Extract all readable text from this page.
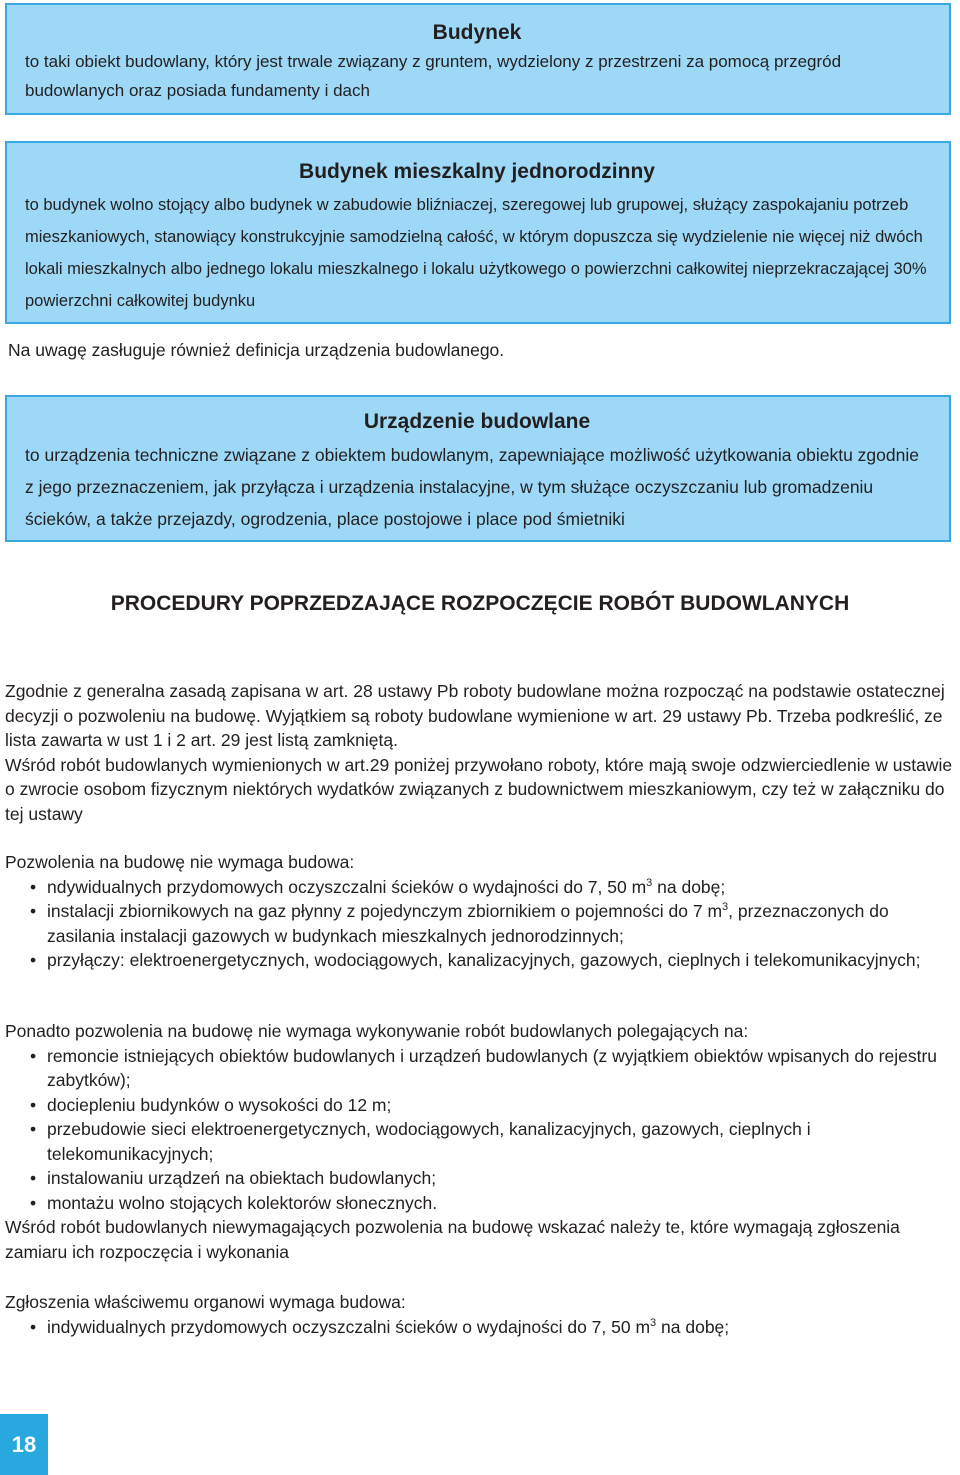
Budynek
to taki obiekt budowlany, który jest trwale związany z gruntem, wydzielony z przestrzeni za pomocą przegród budowlanych oraz posiada fundamenty i dach
Budynek mieszkalny jednorodzinny
to budynek wolno stojący albo budynek w zabudowie bliźniaczej, szeregowej lub grupowej, służący zaspokajaniu potrzeb mieszkaniowych, stanowiący konstrukcyjnie samodzielną całość, w którym dopuszcza się wydzielenie nie więcej niż dwóch lokali mieszkalnych albo jednego lokalu mieszkalnego i lokalu użytkowego o powierzchni całkowitej nieprzekraczającej 30% powierzchni całkowitej budynku
Na uwagę zasługuje również definicja urządzenia budowlanego.
Urządzenie budowlane
to urządzenia techniczne związane z obiektem budowlanym, zapewniające możliwość użytkowania obiektu zgodnie z jego przeznaczeniem, jak przyłącza i urządzenia instalacyjne, w tym służące oczyszczaniu lub gromadzeniu ścieków, a także przejazdy, ogrodzenia, place postojowe i place pod śmietniki
PROCEDURY POPRZEDZAJĄCE ROZPOCZĘCIE ROBÓT BUDOWLANYCH

Zgodnie z generalna zasadą zapisana w art. 28 ustawy Pb roboty budowlane można rozpocząć na podstawie ostatecznej decyzji o pozwoleniu na budowę. Wyjątkiem są roboty budowlane wymienione w art. 29 ustawy Pb. Trzeba podkreślić, ze lista zawarta w ust 1 i 2 art. 29 jest listą zamkniętą.

Wśród robót budowlanych wymienionych w art.29 poniżej przywołano roboty, które mają swoje odzwierciedlenie w ustawie o zwrocie osobom fizycznym niektórych wydatków związanych z budownictwem mieszkaniowym, czy też w załączniku do tej ustawy

Pozwolenia na budowę nie wymaga budowa:

• ndywidualnych przydomowych oczyszczalni ścieków o wydajności do 7, 50 $m^3$ na dobę;
• instalacji zbiornikowych na gaz płynny z pojedynczym zbiornikiem o pojemności do 7 $m^3$, przeznaczonych do zasilania instalacji gazowych w budynkach mieszkalnych jednorodzinnych;
• przyłączy: elektroenergetycznych, wodociągowych, kanalizacyjnych, gazowych, cieplnych i telekomunikacyjnych;

Ponadto pozwolenia na budowę nie wymaga wykonywanie robót budowlanych polegających na:

• remoncie istniejących obiektów budowlanych i urządzeń budowlanych (z wyjątkiem obiektów wpisanych do rejestru zabytków);
• dociepleniu budynków o wysokości do 12 m;
• przebudowie sieci elektroenergetycznych, wodociągowych, kanalizacyjnych, gazowych, cieplnych i telekomunikacyjnych;
• instalowaniu urządzeń na obiektach budowlanych;
• montażu wolno stojących kolektorów słonecznych.

Wśród robót budowlanych niewymagających pozwolenia na budowę wskazać należy te, które wymagają zgłoszenia zamiaru ich rozpoczęcia i wykonania

Zgłoszenia właściwemu organowi wymaga budowa:

• indywidualnych przydomowych oczyszczalni ścieków o wydajności do 7, 50 $m^3$ na dobę;
18
